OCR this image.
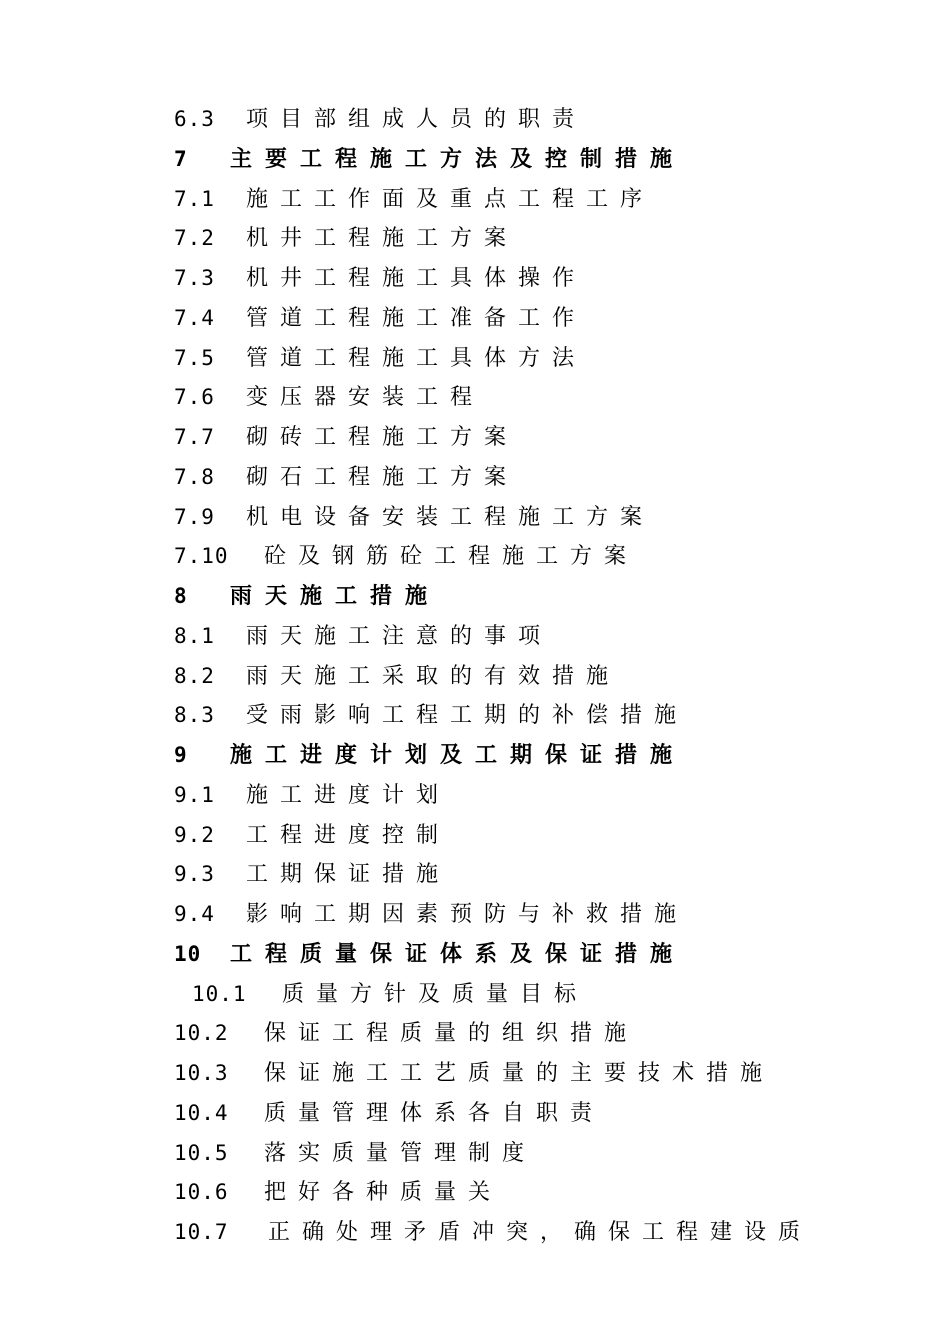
6.3	项目部组成人员的职责
7	主要工程施工方法及控制措施
7.1	施工工作面及重点工程工序
7.2	机井工程施工方案
7.3	机井工程施工具体操作
7.4	管道工程施工准备工作
7.5	管道工程施工具体方法
7.6	变压器安装工程
7.7	砌砖工程施工方案
7.8	砌石工程施工方案
7.9	机电设备安装工程施工方案
7.10	砼及钢筋砼工程施工方案
8	雨天施工措施
8.1	雨天施工注意的事项
8.2	雨天施工采取的有效措施
8.3	受雨影响工程工期的补偿措施
9	施工进度计划及工期保证措施
9.1	施工进度计划
9.2	工程进度控制
9.3	工期保证措施
9.4	影响工期因素预防与补救措施
10	工程质量保证体系及保证措施
10.1	质量方针及质量目标
10.2	保证工程质量的组织措施
10.3	保证施工工艺质量的主要技术措施
10.4	质量管理体系各自职责
10.5	落实质量管理制度
10.6	把好各种质量关
10.7	正确处理矛盾冲突，确保工程建设质
